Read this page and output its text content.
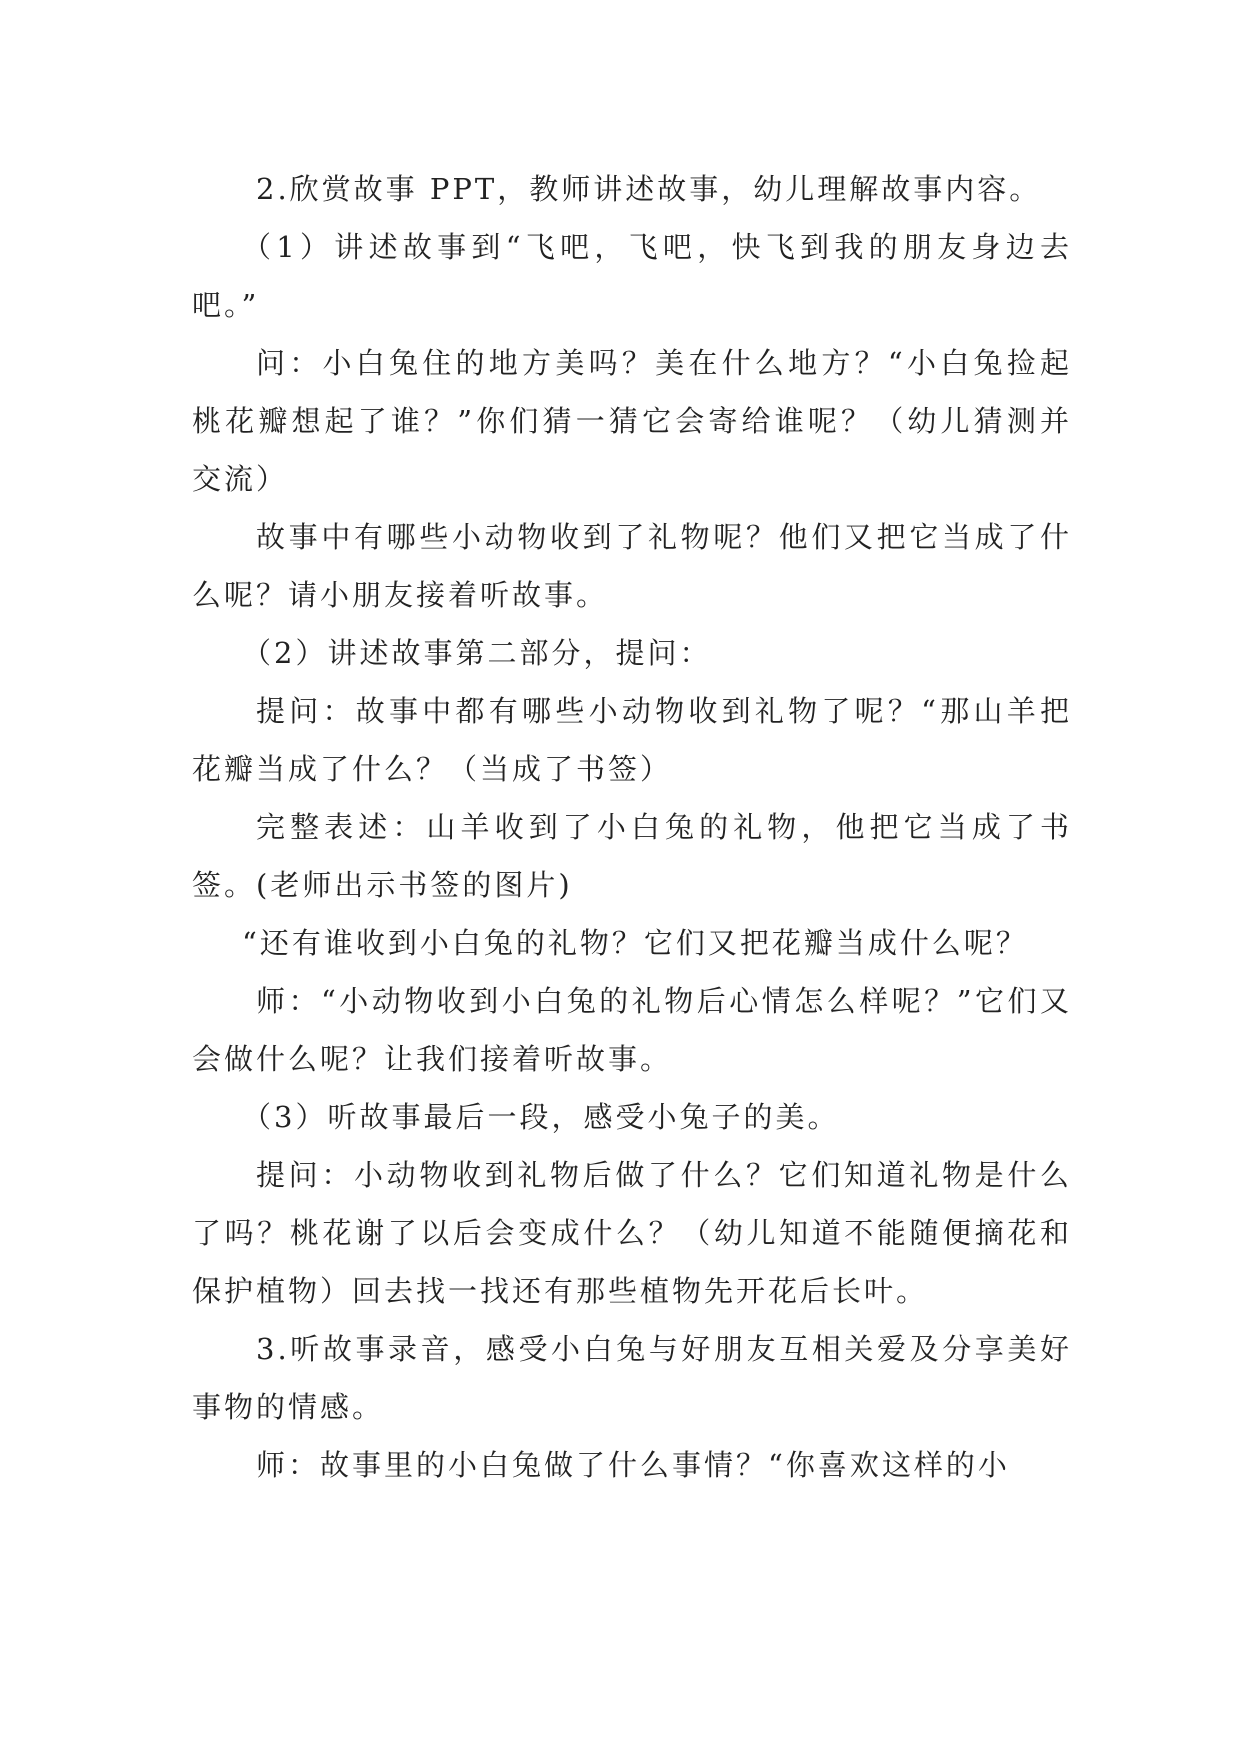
2.欣赏故事 PPT，教师讲述故事，幼儿理解故事内容。

（1）讲述故事到“飞吧，飞吧，快飞到我的朋友身边去吧。”

问：小白兔住的地方美吗？美在什么地方？“小白兔捡起桃花瓣想起了谁？”你们猜一猜它会寄给谁呢？（幼儿猜测并交流）

故事中有哪些小动物收到了礼物呢？他们又把它当成了什么呢？请小朋友接着听故事。

（2）讲述故事第二部分，提问：

提问：故事中都有哪些小动物收到礼物了呢？“那山羊把花瓣当成了什么？（当成了书签）

完整表述：山羊收到了小白兔的礼物，他把它当成了书签。(老师出示书签的图片)

“还有谁收到小白兔的礼物？它们又把花瓣当成什么呢？

师：“小动物收到小白兔的礼物后心情怎么样呢？”它们又会做什么呢？让我们接着听故事。

（3）听故事最后一段，感受小兔子的美。

提问：小动物收到礼物后做了什么？它们知道礼物是什么了吗？桃花谢了以后会变成什么？（幼儿知道不能随便摘花和保护植物）回去找一找还有那些植物先开花后长叶。

3.听故事录音，感受小白兔与好朋友互相关爱及分享美好事物的情感。

师：故事里的小白兔做了什么事情？“你喜欢这样的小
